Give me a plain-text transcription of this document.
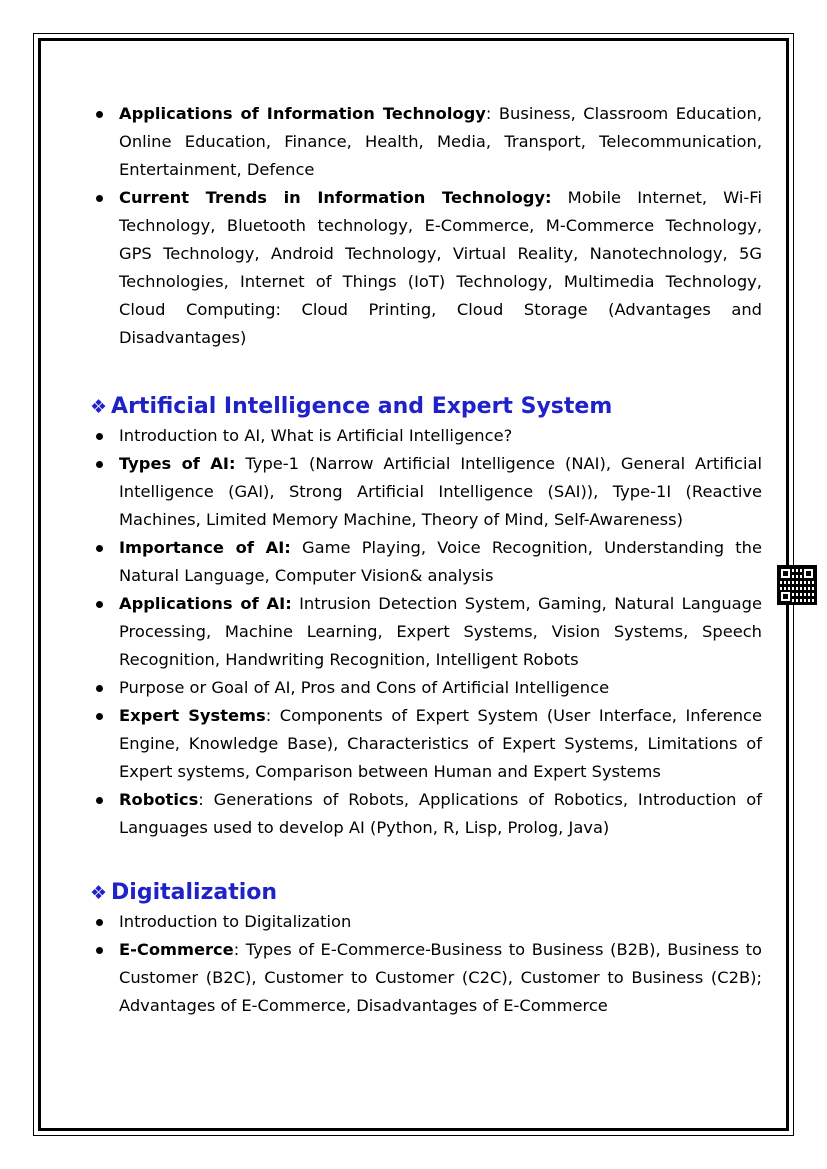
Applications of Information Technology: Business, Classroom Education, Online Education, Finance, Health, Media, Transport, Telecommunication, Entertainment, Defence
Current Trends in Information Technology: Mobile Internet, Wi-Fi Technology, Bluetooth technology, E-Commerce, M-Commerce Technology, GPS Technology, Android Technology, Virtual Reality, Nanotechnology, 5G Technologies, Internet of Things (IoT) Technology, Multimedia Technology, Cloud Computing: Cloud Printing, Cloud Storage (Advantages and Disadvantages)
❖ Artificial Intelligence and Expert System
Introduction to AI, What is Artificial Intelligence?
Types of AI: Type-1 (Narrow Artificial Intelligence (NAI), General Artificial Intelligence (GAI), Strong Artificial Intelligence (SAI)), Type-1I (Reactive Machines, Limited Memory Machine, Theory of Mind, Self-Awareness)
Importance of AI: Game Playing, Voice Recognition, Understanding the Natural Language, Computer Vision& analysis
Applications of AI: Intrusion Detection System, Gaming, Natural Language Processing, Machine Learning, Expert Systems, Vision Systems, Speech Recognition, Handwriting Recognition, Intelligent Robots
Purpose or Goal of AI, Pros and Cons of Artificial Intelligence
Expert Systems: Components of Expert System (User Interface, Inference Engine, Knowledge Base), Characteristics of Expert Systems, Limitations of Expert systems, Comparison between Human and Expert Systems
Robotics: Generations of Robots, Applications of Robotics, Introduction of Languages used to develop AI (Python, R, Lisp, Prolog, Java)
❖ Digitalization
Introduction to Digitalization
E-Commerce: Types of E-Commerce-Business to Business (B2B), Business to Customer (B2C), Customer to Customer (C2C), Customer to Business (C2B); Advantages of E-Commerce, Disadvantages of E-Commerce
